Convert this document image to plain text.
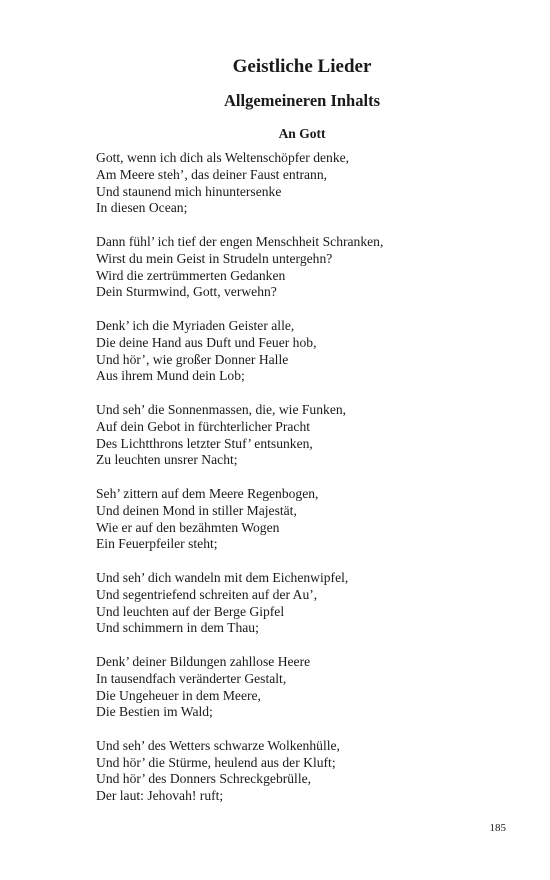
Geistliche Lieder
Allgemeineren Inhalts
An Gott
Gott, wenn ich dich als Weltenschöpfer denke,
Am Meere steh’, das deiner Faust entrann,
Und staunend mich hinuntersenke
In diesen Ocean;
Dann fühl’ ich tief der engen Menschheit Schranken,
Wirst du mein Geist in Strudeln untergehn?
Wird die zertrümmerten Gedanken
Dein Sturmwind, Gott, verwehn?
Denk’ ich die Myriaden Geister alle,
Die deine Hand aus Duft und Feuer hob,
Und hör’, wie großer Donner Halle
Aus ihrem Mund dein Lob;
Und seh’ die Sonnenmassen, die, wie Funken,
Auf dein Gebot in fürchterlicher Pracht
Des Lichtthrons letzter Stuf’ entsunken,
Zu leuchten unsrer Nacht;
Seh’ zittern auf dem Meere Regenbogen,
Und deinen Mond in stiller Majestät,
Wie er auf den bezähmten Wogen
Ein Feuerpfeiler steht;
Und seh’ dich wandeln mit dem Eichenwipfel,
Und segentriefend schreiten auf der Au’,
Und leuchten auf der Berge Gipfel
Und schimmern in dem Thau;
Denk’ deiner Bildungen zahllose Heere
In tausendfach veränderter Gestalt,
Die Ungeheuer in dem Meere,
Die Bestien im Wald;
Und seh’ des Wetters schwarze Wolkenhülle,
Und hör’ die Stürme, heulend aus der Kluft;
Und hör’ des Donners Schreckgebrülle,
Der laut: Jehovah! ruft;
185
